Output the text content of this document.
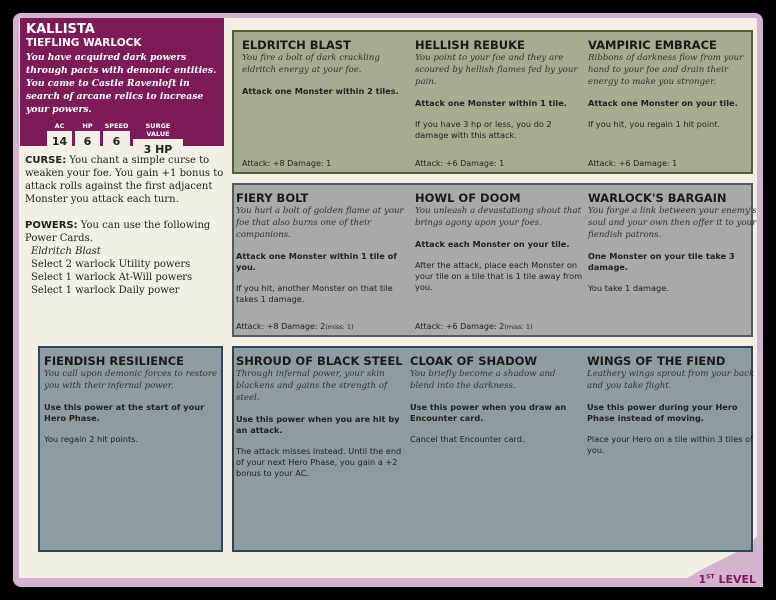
KALLISTA
TIEFLING WARLOCK
You have acquired dark powers through pacts with demonic entities. You came to Castle Ravenloft in search of arcane relics to increase your powers.
AC
14
HP
6
SPEED
6
SURGE VALUE
3 HP

CURSE: You chant a simple curse to weaken your foe. You gain +1 bonus to attack rolls against the first adjacent Monster you attack each turn.

POWERS: You can use the following Power Cards.

Eldritch Blast
Select 2 warlock Utility powers
Select 1 warlock At-Will powers
Select 1 warlock Daily power
ELDRITCH BLAST
You fire a bolt of dark crackling eldritch energy at your foe.
Attack one Monster within 2 tiles.
Attack: +8 Damage: 1
HELLISH REBUKE
You point to your foe and they are scoured by hellish flames fed by your pain.
Attack one Monster within 1 tile.
If you have 3 hp or less, you do 2 damage with this attack.
Attack: +6 Damage: 1
VAMPIRIC EMBRACE
Ribbons of darkness flow from your hand to your foe and drain their energy to make you stronger.
Attack one Monster on your tile.
If you hit, you regain 1 hit point.
Attack: +6 Damage: 1
FIERY BOLT
You hurl a bolt of golden flame at your foe that also burns one of their companions.
Attack one Monster within 1 tile of you.
If you hit, another Monster on that tile takes 1 damage.
Attack: +8 Damage: 2(miss: 1)
HOWL OF DOOM
You unleash a devastationg shout that brings agony upon your foes.
Attack each Monster on your tile.
After the attack, place each Monster on your tile on a tile that is 1 tile away from you.
Attack: +6 Damage: 2(miss: 1)
WARLOCK'S BARGAIN
You forge a link between your enemy's soul and your own then offer it to your fiendish patrons.
One Monster on your tile take 3 damage.
You take 1 damage.
FIENDISH RESILIENCE
You call upon demonic forces to restore you with their infernal power.
Use this power at the start of your Hero Phase.
You regain 2 hit points.
SHROUD OF BLACK STEEL
Through infernal power, your skin blackens and gains the strength of steel.
Use this power when you are hit by an attack.
The attack misses instead. Until the end of your next Hero Phase, you gain a +2 bonus to your AC.
CLOAK OF SHADOW
You briefly become a shadow and blend into the darkness.
Use this power when you draw an Encounter card.
Cancel that Encounter card.
WINGS OF THE FIEND
Leathery wings sprout from your back and you take flight.
Use this power during your Hero Phase instead of moving.
Place your Hero on a tile within 3 tiles of you.
1ST LEVEL
